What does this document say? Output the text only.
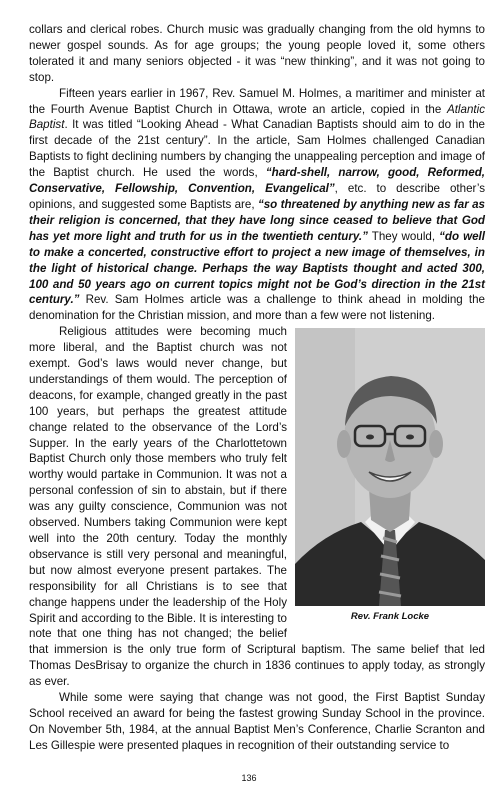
collars and clerical robes. Church music was gradually changing from the old hymns to newer gospel sounds. As for age groups; the young people loved it, some others tolerated it and many seniors objected - it was “new thinking”, and it was not going to stop.

Fifteen years earlier in 1967, Rev. Samuel M. Holmes, a maritimer and minister at the Fourth Avenue Baptist Church in Ottawa, wrote an article, copied in the Atlantic Baptist. It was titled “Looking Ahead - What Canadian Baptists should aim to do in the first decade of the 21st century”. In the article, Sam Holmes challenged Canadian Baptists to fight declining numbers by changing the unappealing perception and image of the Baptist church. He used the words, “hard-shell, narrow, good, Reformed, Conservative, Fellowship, Convention, Evangelical”, etc. to describe other’s opinions, and suggested some Baptists are, “so threatened by anything new as far as their religion is concerned, that they have long since ceased to believe that God has yet more light and truth for us in the twentieth century.” They would, “do well to make a concerted, constructive effort to project a new image of themselves, in the light of historical change. Perhaps the way Baptists thought and acted 300, 100 and 50 years ago on current topics might not be God’s direction in the 21st century.” Rev. Sam Holmes article was a challenge to think ahead in molding the denomination for the Christian mission, and more than a few were not listening.

Rev. Frank Locke

Religious attitudes were becoming much more liberal, and the Baptist church was not exempt. God’s laws would never change, but understandings of them would. The perception of deacons, for example, changed greatly in the past 100 years, but perhaps the greatest attitude change related to the observance of the Lord’s Supper. In the early years of the Charlottetown Baptist Church only those members who truly felt worthy would partake in Communion. It was not a personal confession of sin to abstain, but if there was any guilty conscience, Communion was not observed. Numbers taking Communion were kept well into the 20th century. Today the monthly observance is still very personal and meaningful, but now almost everyone present partakes. The responsibility for all Christians is to see that change happens under the leadership of the Holy Spirit and according to the Bible. It is interesting to note that one thing has not changed; the belief that immersion is the only true form of Scriptural baptism. The same belief that led Thomas DesBrisay to organize the church in 1836 continues to apply today, as strongly as ever.

While some were saying that change was not good, the First Baptist Sunday School received an award for being the fastest growing Sunday School in the province. On November 5th, 1984, at the annual Baptist Men’s Conference, Charlie Scranton and Les Gillespie were presented plaques in recognition of their outstanding service to

136
